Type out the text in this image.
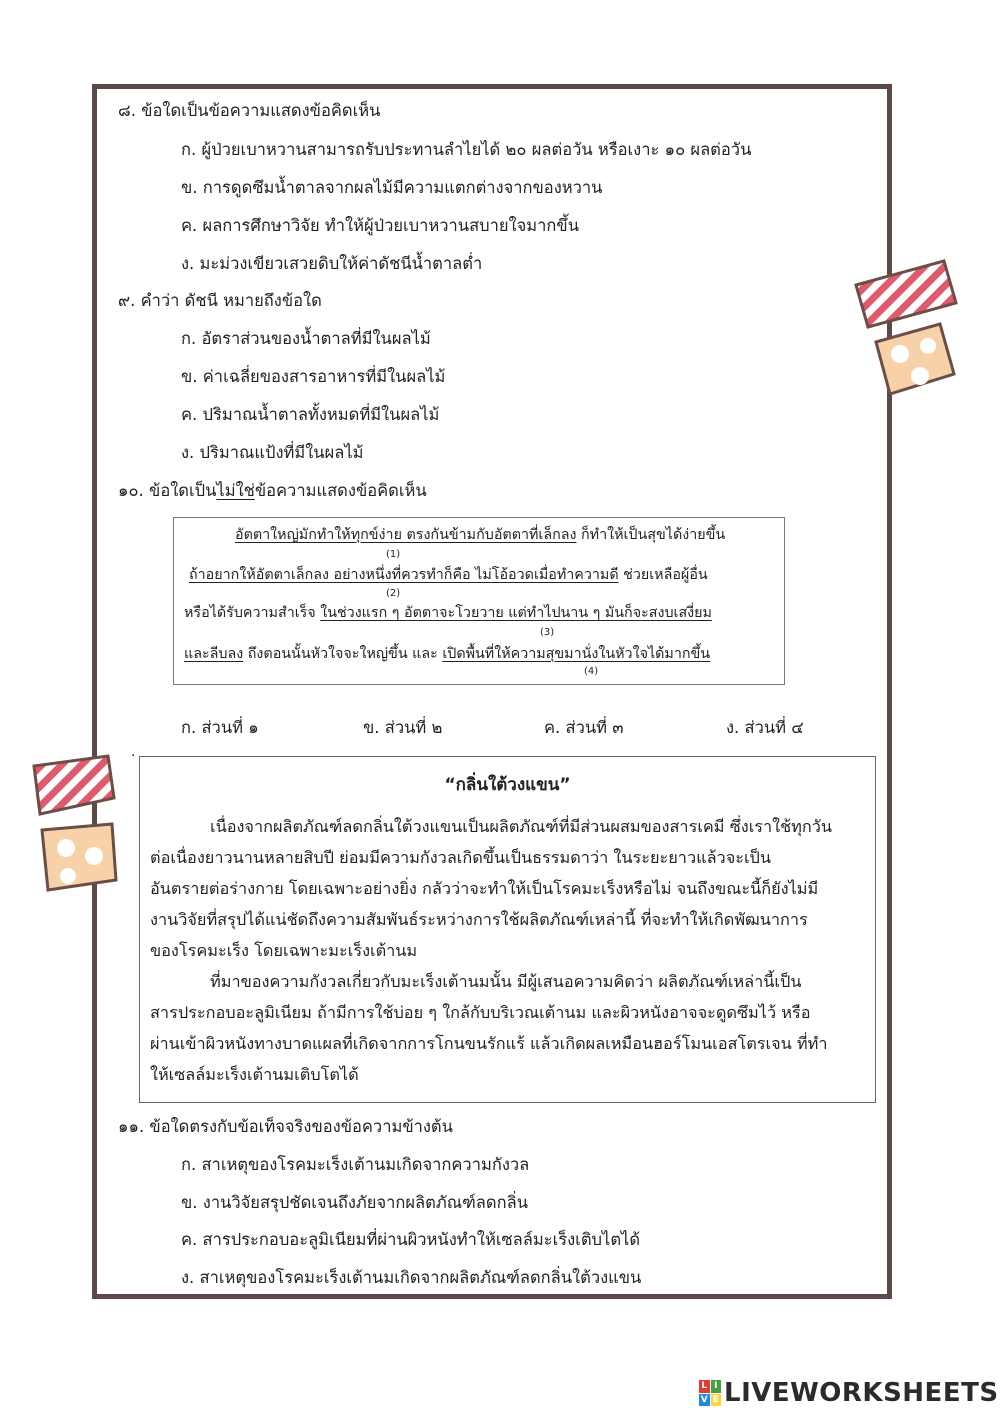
๘. ข้อใดเป็นข้อความแสดงข้อคิดเห็น
ก. ผู้ป่วยเบาหวานสามารถรับประทานลำไยได้ ๒๐ ผลต่อวัน หรือเงาะ ๑๐ ผลต่อวัน
ข. การดูดซึมน้ำตาลจากผลไม้มีความแตกต่างจากของหวาน
ค. ผลการศึกษาวิจัย ทำให้ผู้ป่วยเบาหวานสบายใจมากขึ้น
ง. มะม่วงเขียวเสวยดิบให้ค่าดัชนีน้ำตาลต่ำ
๙. คำว่า ดัชนี หมายถึงข้อใด
ก. อัตราส่วนของน้ำตาลที่มีในผลไม้
ข. ค่าเฉลี่ยของสารอาหารที่มีในผลไม้
ค. ปริมาณน้ำตาลทั้งหมดที่มีในผลไม้
ง. ปริมาณแป้งที่มีในผลไม้
๑๐. ข้อใดเป็นไม่ใช่ข้อความแสดงข้อคิดเห็น
อัตตาใหญ่มักทำให้ทุกข์ง่าย ตรงกันข้ามกับอัตตาที่เล็กลง ก็ทำให้เป็นสุขได้ง่ายขึ้น
(1)
ถ้าอยากให้อัตตาเล็กลง อย่างหนึ่งที่ควรทำก็คือ ไม่โอ้อวดเมื่อทำความดี ช่วยเหลือผู้อื่น
(2)
หรือได้รับความสำเร็จ ในช่วงแรก ๆ อัตตาจะโวยวาย แต่ทำไปนาน ๆ มันก็จะสงบเสงี่ยม
(3)
และลีบลง ถึงตอนนั้นหัวใจจะใหญ่ขึ้น และ เปิดพื้นที่ให้ความสุขมานั่งในหัวใจได้มากขึ้น
(4)
ก. ส่วนที่ ๑	ข. ส่วนที่ ๒	ค. ส่วนที่ ๓	ง. ส่วนที่ ๔
.
“กลิ่นใต้วงแขน”
เนื่องจากผลิตภัณฑ์ลดกลิ่นใต้วงแขนเป็นผลิตภัณฑ์ที่มีส่วนผสมของสารเคมี ซึ่งเราใช้ทุกวัน
ต่อเนื่องยาวนานหลายสิบปี ย่อมมีความกังวลเกิดขึ้นเป็นธรรมดาว่า ในระยะยาวแล้วจะเป็น
อันตรายต่อร่างกาย โดยเฉพาะอย่างยิ่ง กลัวว่าจะทำให้เป็นโรคมะเร็งหรือไม่ จนถึงขณะนี้ก็ยังไม่มี
งานวิจัยที่สรุปได้แน่ชัดถึงความสัมพันธ์ระหว่างการใช้ผลิตภัณฑ์เหล่านี้ ที่จะทำให้เกิดพัฒนาการ
ของโรคมะเร็ง โดยเฉพาะมะเร็งเต้านม
ที่มาของความกังวลเกี่ยวกับมะเร็งเต้านมนั้น มีผู้เสนอความคิดว่า ผลิตภัณฑ์เหล่านี้เป็น
สารประกอบอะลูมิเนียม ถ้ามีการใช้บ่อย ๆ ใกล้กับบริเวณเต้านม และผิวหนังอาจจะดูดซึมไว้ หรือ
ผ่านเข้าผิวหนังทางบาดแผลที่เกิดจากการโกนขนรักแร้ แล้วเกิดผลเหมือนฮอร์โมนเอสโตรเจน ที่ทำ
ให้เซลล์มะเร็งเต้านมเติบโตได้
๑๑. ข้อใดตรงกับข้อเท็จจริงของข้อความข้างต้น
ก. สาเหตุของโรคมะเร็งเต้านมเกิดจากความกังวล
ข. งานวิจัยสรุปชัดเจนถึงภัยจากผลิตภัณฑ์ลดกลิ่น
ค. สารประกอบอะลูมิเนียมที่ผ่านผิวหนังทำให้เซลล์มะเร็งเติบไตได้
ง. สาเหตุของโรคมะเร็งเต้านมเกิดจากผลิตภัณฑ์ลดกลิ่นใต้วงแขน
L I
V E LIVEWORKSHEETS
